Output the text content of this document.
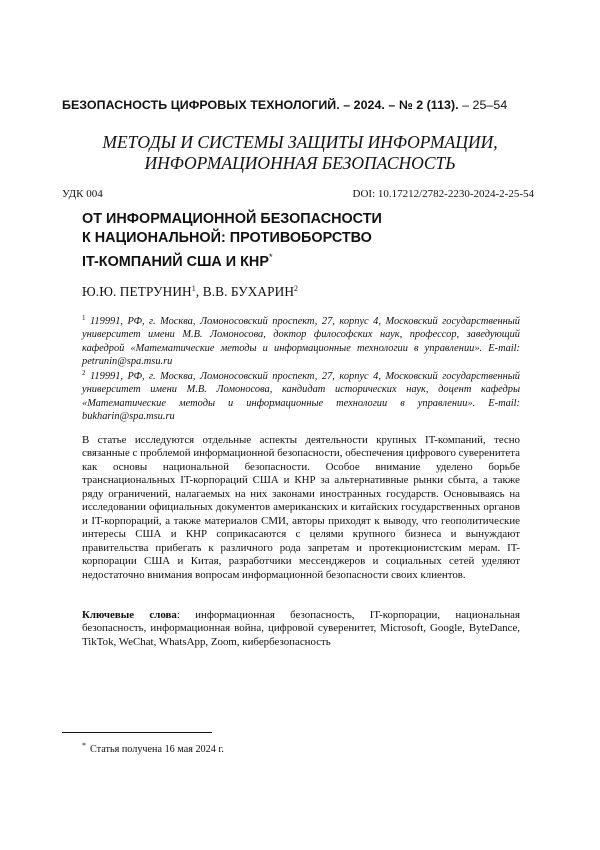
БЕЗОПАСНОСТЬ ЦИФРОВЫХ ТЕХНОЛОГИЙ. – 2024. – № 2 (113). – 25–54
МЕТОДЫ И СИСТЕМЫ ЗАЩИТЫ ИНФОРМАЦИИ,
ИНФОРМАЦИОННАЯ БЕЗОПАСНОСТЬ
УДК 004	DOI: 10.17212/2782-2230-2024-2-25-54
ОТ ИНФОРМАЦИОННОЙ БЕЗОПАСНОСТИ
К НАЦИОНАЛЬНОЙ: ПРОТИВОБОРСТВО
IT-КОМПАНИЙ США И КНР*
Ю.Ю. ПЕТРУНИН$^1$, В.В. БУХАРИН$^2$
$^1$ 119991, РФ, г. Москва, Ломоносовский проспект, 27, корпус 4, Московский государственный университет имени М.В. Ломоносова, доктор философских наук, профессор, заведующий кафедрой «Математические методы и информационные технологии в управлении». E-mail: petrunin@spa.msu.ru
$^2$ 119991, РФ, г. Москва, Ломоносовский проспект, 27, корпус 4, Московский государственный университет имени М.В. Ломоносова, кандидат исторических наук, доцент кафедры «Математические методы и информационные технологии в управлении». E-mail: bukharin@spa.msu.ru
В статье исследуются отдельные аспекты деятельности крупных IT-компаний, тесно связанные с проблемой информационной безопасности, обеспечения цифрового суверенитета как основы национальной безопасности. Особое внимание уделено борьбе транснациональных IT-корпораций США и КНР за альтернативные рынки сбыта, а также ряду ограничений, налагаемых на них законами иностранных государств. Основываясь на исследовании официальных документов американских и китайских государственных органов и IT-корпораций, а также материалов СМИ, авторы приходят к выводу, что геополитические интересы США и КНР соприкасаются с целями крупного бизнеса и вынуждают правительства прибегать к различного рода запретам и протекционистским мерам. IT-корпорации США и Китая, разработчики мессенджеров и социальных сетей уделяют недостаточно внимания вопросам информационной безопасности своих клиентов.
Ключевые слова: информационная безопасность, IT-корпорации, национальная безопасность, информационная война, цифровой суверенитет, Microsoft, Google, ByteDance, TikTok, WeChat, WhatsApp, Zoom, кибербезопасность
* Статья получена 16 мая 2024 г.
